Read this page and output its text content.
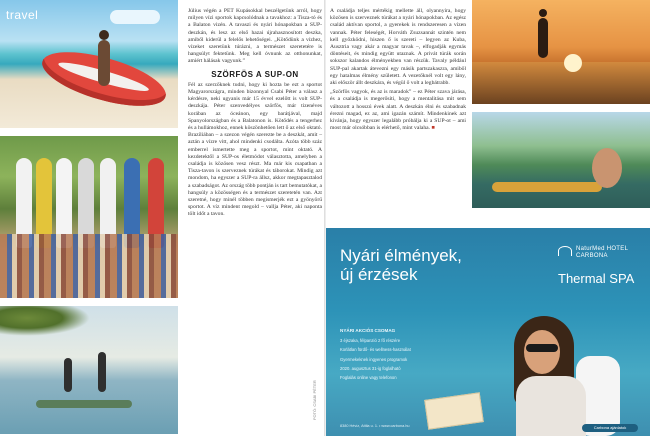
travel	Július végén a PET Kupásokkal beszélgetünk arról, hogy milyen vízi sportok kapcsolódnak a tavakhoz: a Tisza-tó és a Balaton vizén. A tavaszi és nyári hónapokban a SUP-deszkán, és lesz az első hazai újrahasznosított deszka, amiből kiderül a felelős lehetőségei. „Kötődünk a vízhez, vízeket szeretünk túrázni, a természet szeretetére is hangsúlyt fektetünk. Meg kell óvnunk az otthonunkat, amiért hálásak vagyunk.”

SZÖRFÖS A SUP-ON

Fél az szerzőknek tudni, hogy ki hozta be ezt a sportot Magyarországra, minden bizonnyal Csabi Péter a válasz a kérdésre, neki ugyanis már 15 évvel ezelőtt is volt SUP-deszkája. Péter szenvedélyes szörfös, már tizenéves korában az óceánon, egy barátjával, majd Spanyolországban és a Balatonon is. Kötődés a tengerhez és a hullámokhoz, ennek köszönhetően lett ő az első oktató. Brazíliában – a szezon végén szerezte be a deszkát, amit – aztán a vízre vitt, ahol mindenki csodálta. Azóta több száz emberrel ismertette meg a sportot, mint oktató. A kezdetektől a SUP-os életmódot választotta, amelyben a családja is közösen vesz részt. Ma már kis csapatban a Tisza-tavon is szerveznek túrákat és táborokat. Mindig azt mondom, ha egyszer a SUP-ra állsz, akkor megtapasztalod a szabadságot. Az ország több pontján is tart bemutatókat, a hangsúly a közösségen és a természet szeretetén van. Azt szeretné, hogy minél többen megismerjék ezt a gyönyörű sportot. A víz mindent megold – vallja Péter, aki naponta tölt időt a tavon.

FOTÓ: CSABI PÉTER

A családja teljes mértékig mellette áll, olyannyira, hogy közösen is szerveznek túrákat a nyári hónapokban. Az egész család aktívan sportol, a gyerekek is rendszeresen a vízen vannak. Péter feleségét, Horváth Zsuzsannát szintén nem kell győzködni, hiszen ő is szereti – legyen az Kuba, Ausztria vagy akár a magyar tavak –, elfogadják egymás döntéseit, és mindig együtt utaznak. A privát túrák során sokszor kalandos élményekben van részük. Tavaly például SUP-pal akartak átevezni egy másik partszakaszra, amiből egy hatalmas élmény született. A vezetőknél volt egy lány, aki először állt deszkára, és végül ő volt a legbátrabb.

„Szörfös vagyok, és az is maradok” – ez Péter szava járása, és a családja is megerősíti, hogy a mentalitása mit sem változott a hosszú évek alatt. A deszkán élni és szabadnak érezni magad, ez az, ami igazán számít. Mindenkinek azt kívánja, hogy egyszer legalább próbálja ki a SUP-ot – ami most már olcsóbban is elérhető, mint valaha. ■

Nyári élmények,
új érzések
NaturMed HOTEL CARBONA
Thermal SPA
NYÁRI AKCIÓS CSOMAG
3 éjszaka, félpanzió 2 fő részére
Korlátlan fürdő- és wellness-használat
Gyermekeknek ingyenes programok
2020. augusztus 31-ig foglalható
Foglalás online vagy telefonon
8380 Hévíz, Attila u. 1. • www.carbona.hu	Carbona ajánlatok
